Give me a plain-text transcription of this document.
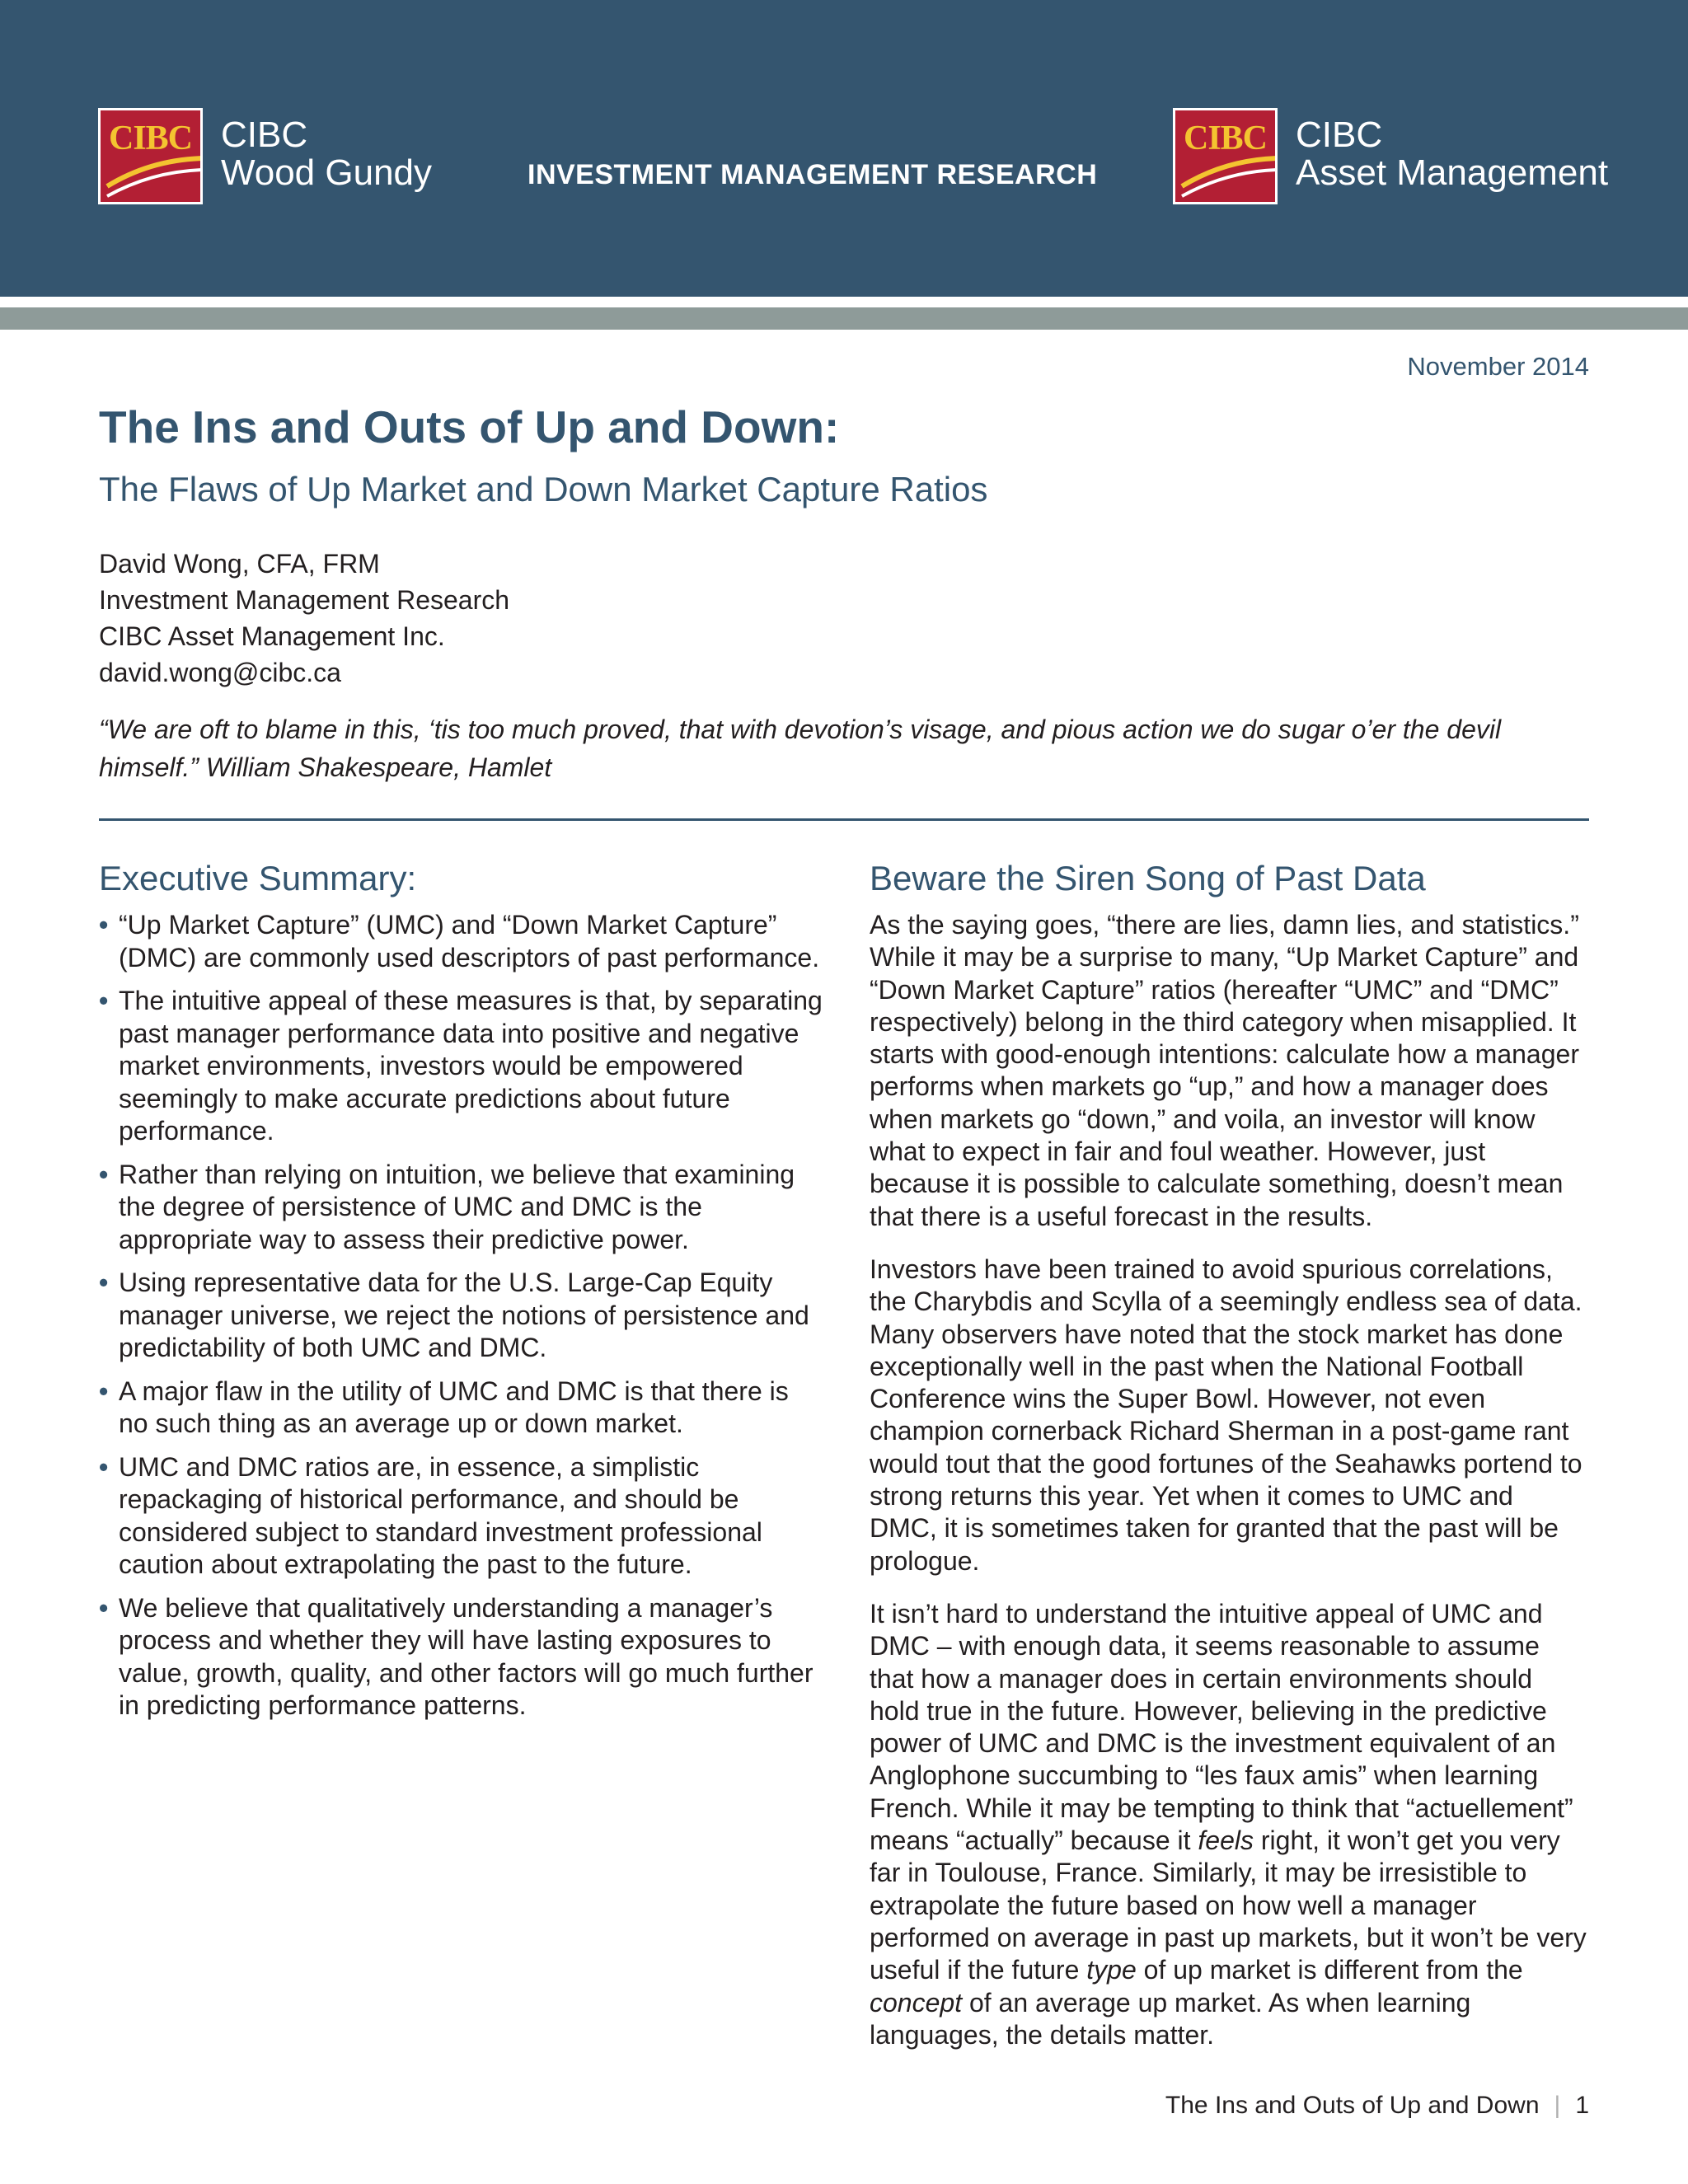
CIBC CIBC
Wood Gundy	INVESTMENT MANAGEMENT RESEARCH
CIBC CIBC
Asset Management
November 2014
The Ins and Outs of Up and Down:
The Flaws of Up Market and Down Market Capture Ratios
David Wong, CFA, FRM
Investment Management Research
CIBC Asset Management Inc.
david.wong@cibc.ca
“We are oft to blame in this, ‘tis too much proved, that with devotion’s visage, and pious action we do sugar o’er the devil himself.” William Shakespeare, Hamlet
Executive Summary:
• “Up Market Capture” (UMC) and “Down Market Capture” (DMC) are commonly used descriptors of past performance.
• The intuitive appeal of these measures is that, by separating past manager performance data into positive and negative market environments, investors would be empowered seemingly to make accurate predictions about future performance.
• Rather than relying on intuition, we believe that examining the degree of persistence of UMC and DMC is the appropriate way to assess their predictive power.
• Using representative data for the U.S. Large-Cap Equity manager universe, we reject the notions of persistence and predictability of both UMC and DMC.
• A major flaw in the utility of UMC and DMC is that there is no such thing as an average up or down market.
• UMC and DMC ratios are, in essence, a simplistic repackaging of historical performance, and should be considered subject to standard investment professional caution about extrapolating the past to the future.
• We believe that qualitatively understanding a manager’s process and whether they will have lasting exposures to value, growth, quality, and other factors will go much further in predicting performance patterns.
Beware the Siren Song of Past Data

As the saying goes, “there are lies, damn lies, and statistics.” While it may be a surprise to many, “Up Market Capture” and “Down Market Capture” ratios (hereafter “UMC” and “DMC” respectively) belong in the third category when misapplied. It starts with good-enough intentions: calculate how a manager performs when markets go “up,” and how a manager does when markets go “down,” and voila, an investor will know what to expect in fair and foul weather. However, just because it is possible to calculate something, doesn’t mean that there is a useful forecast in the results.

Investors have been trained to avoid spurious correlations, the Charybdis and Scylla of a seemingly endless sea of data. Many observers have noted that the stock market has done exceptionally well in the past when the National Football Conference wins the Super Bowl. However, not even champion cornerback Richard Sherman in a post-game rant would tout that the good fortunes of the Seahawks portend to strong returns this year. Yet when it comes to UMC and DMC, it is sometimes taken for granted that the past will be prologue.

It isn’t hard to understand the intuitive appeal of UMC and DMC – with enough data, it seems reasonable to assume that how a manager does in certain environments should hold true in the future. However, believing in the predictive power of UMC and DMC is the investment equivalent of an Anglophone succumbing to “les faux amis” when learning French. While it may be tempting to think that “actuellement” means “actually” because it feels right, it won’t get you very far in Toulouse, France. Similarly, it may be irresistible to extrapolate the future based on how well a manager performed on average in past up markets, but it won’t be very useful if the future type of up market is different from the concept of an average up market. As when learning languages, the details matter.

The Ins and Outs of Up and Down | 1
